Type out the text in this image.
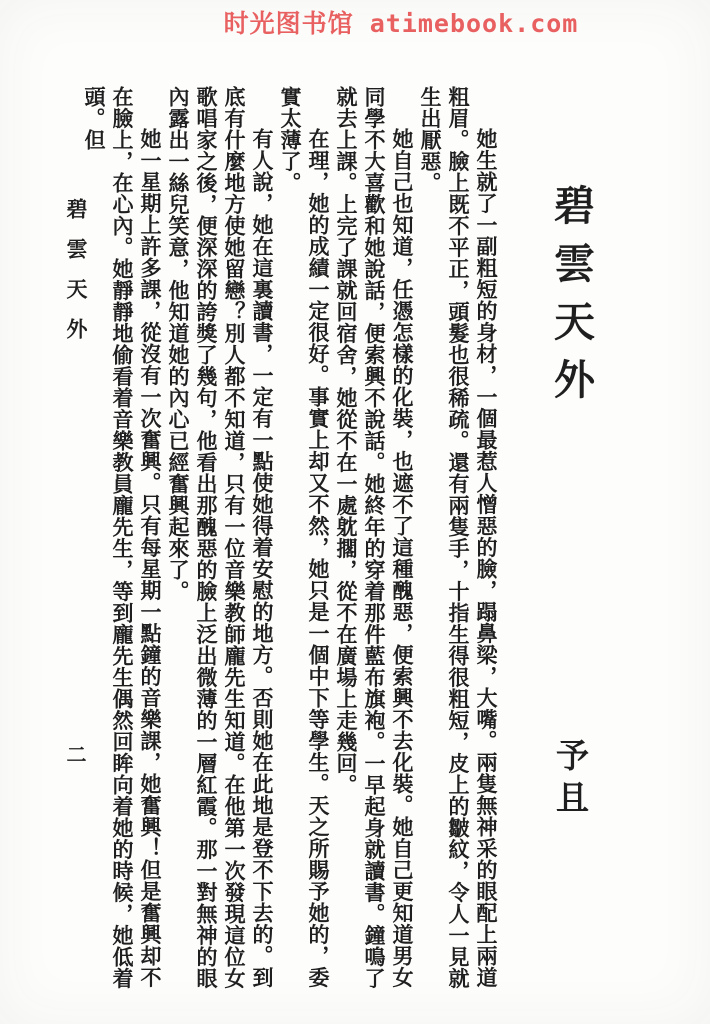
时光图书馆 atimebook.com
碧雲天外
予且

她生就了一副粗短的身材，一個最惹人憎惡的臉，蹋鼻梁，大嘴。兩隻無神采的眼配上兩道粗眉。臉上既不平正，頭髮也很稀疏。還有兩隻手，十指生得很粗短，皮上的皺紋，令人一見就生出厭惡。

她自己也知道，任憑怎樣的化裝，也遮不了這種醜惡，便索興不去化裝。她自己更知道男女同學不大喜歡和她說話，便索興不說話。她終年的穿着那件藍布旗袍。一早起身就讀書。鐘鳴了就去上課。上完了課就回宿舍，她從不在一處躭擱，從不在廣場上走幾回。

在理，她的成績一定很好。事實上却又不然，她只是一個中下等學生。天之所賜予她的，委實太薄了。

有人說，她在這裏讀書，一定有一點使她得着安慰的地方。否則她在此地是登不下去的。到底有什麼地方使她留戀？別人都不知道，只有一位音樂教師龐先生知道。在他第一次發現這位女歌唱家之後，便深深的誇獎了幾句，他看出那醜惡的臉上泛出微薄的一層紅霞。那一對無神的眼內露出一絲兒笑意，他知道她的內心已經奮興起來了。

她一星期上許多課，從沒有一次奮興。只有每星期一點鐘的音樂課，她奮興！但是奮興却不在臉上，在心內。她靜靜地偷看着音樂教員龐先生，等到龐先生偶然回眸向着她的時候，她低着頭。但

碧雲天外
二
